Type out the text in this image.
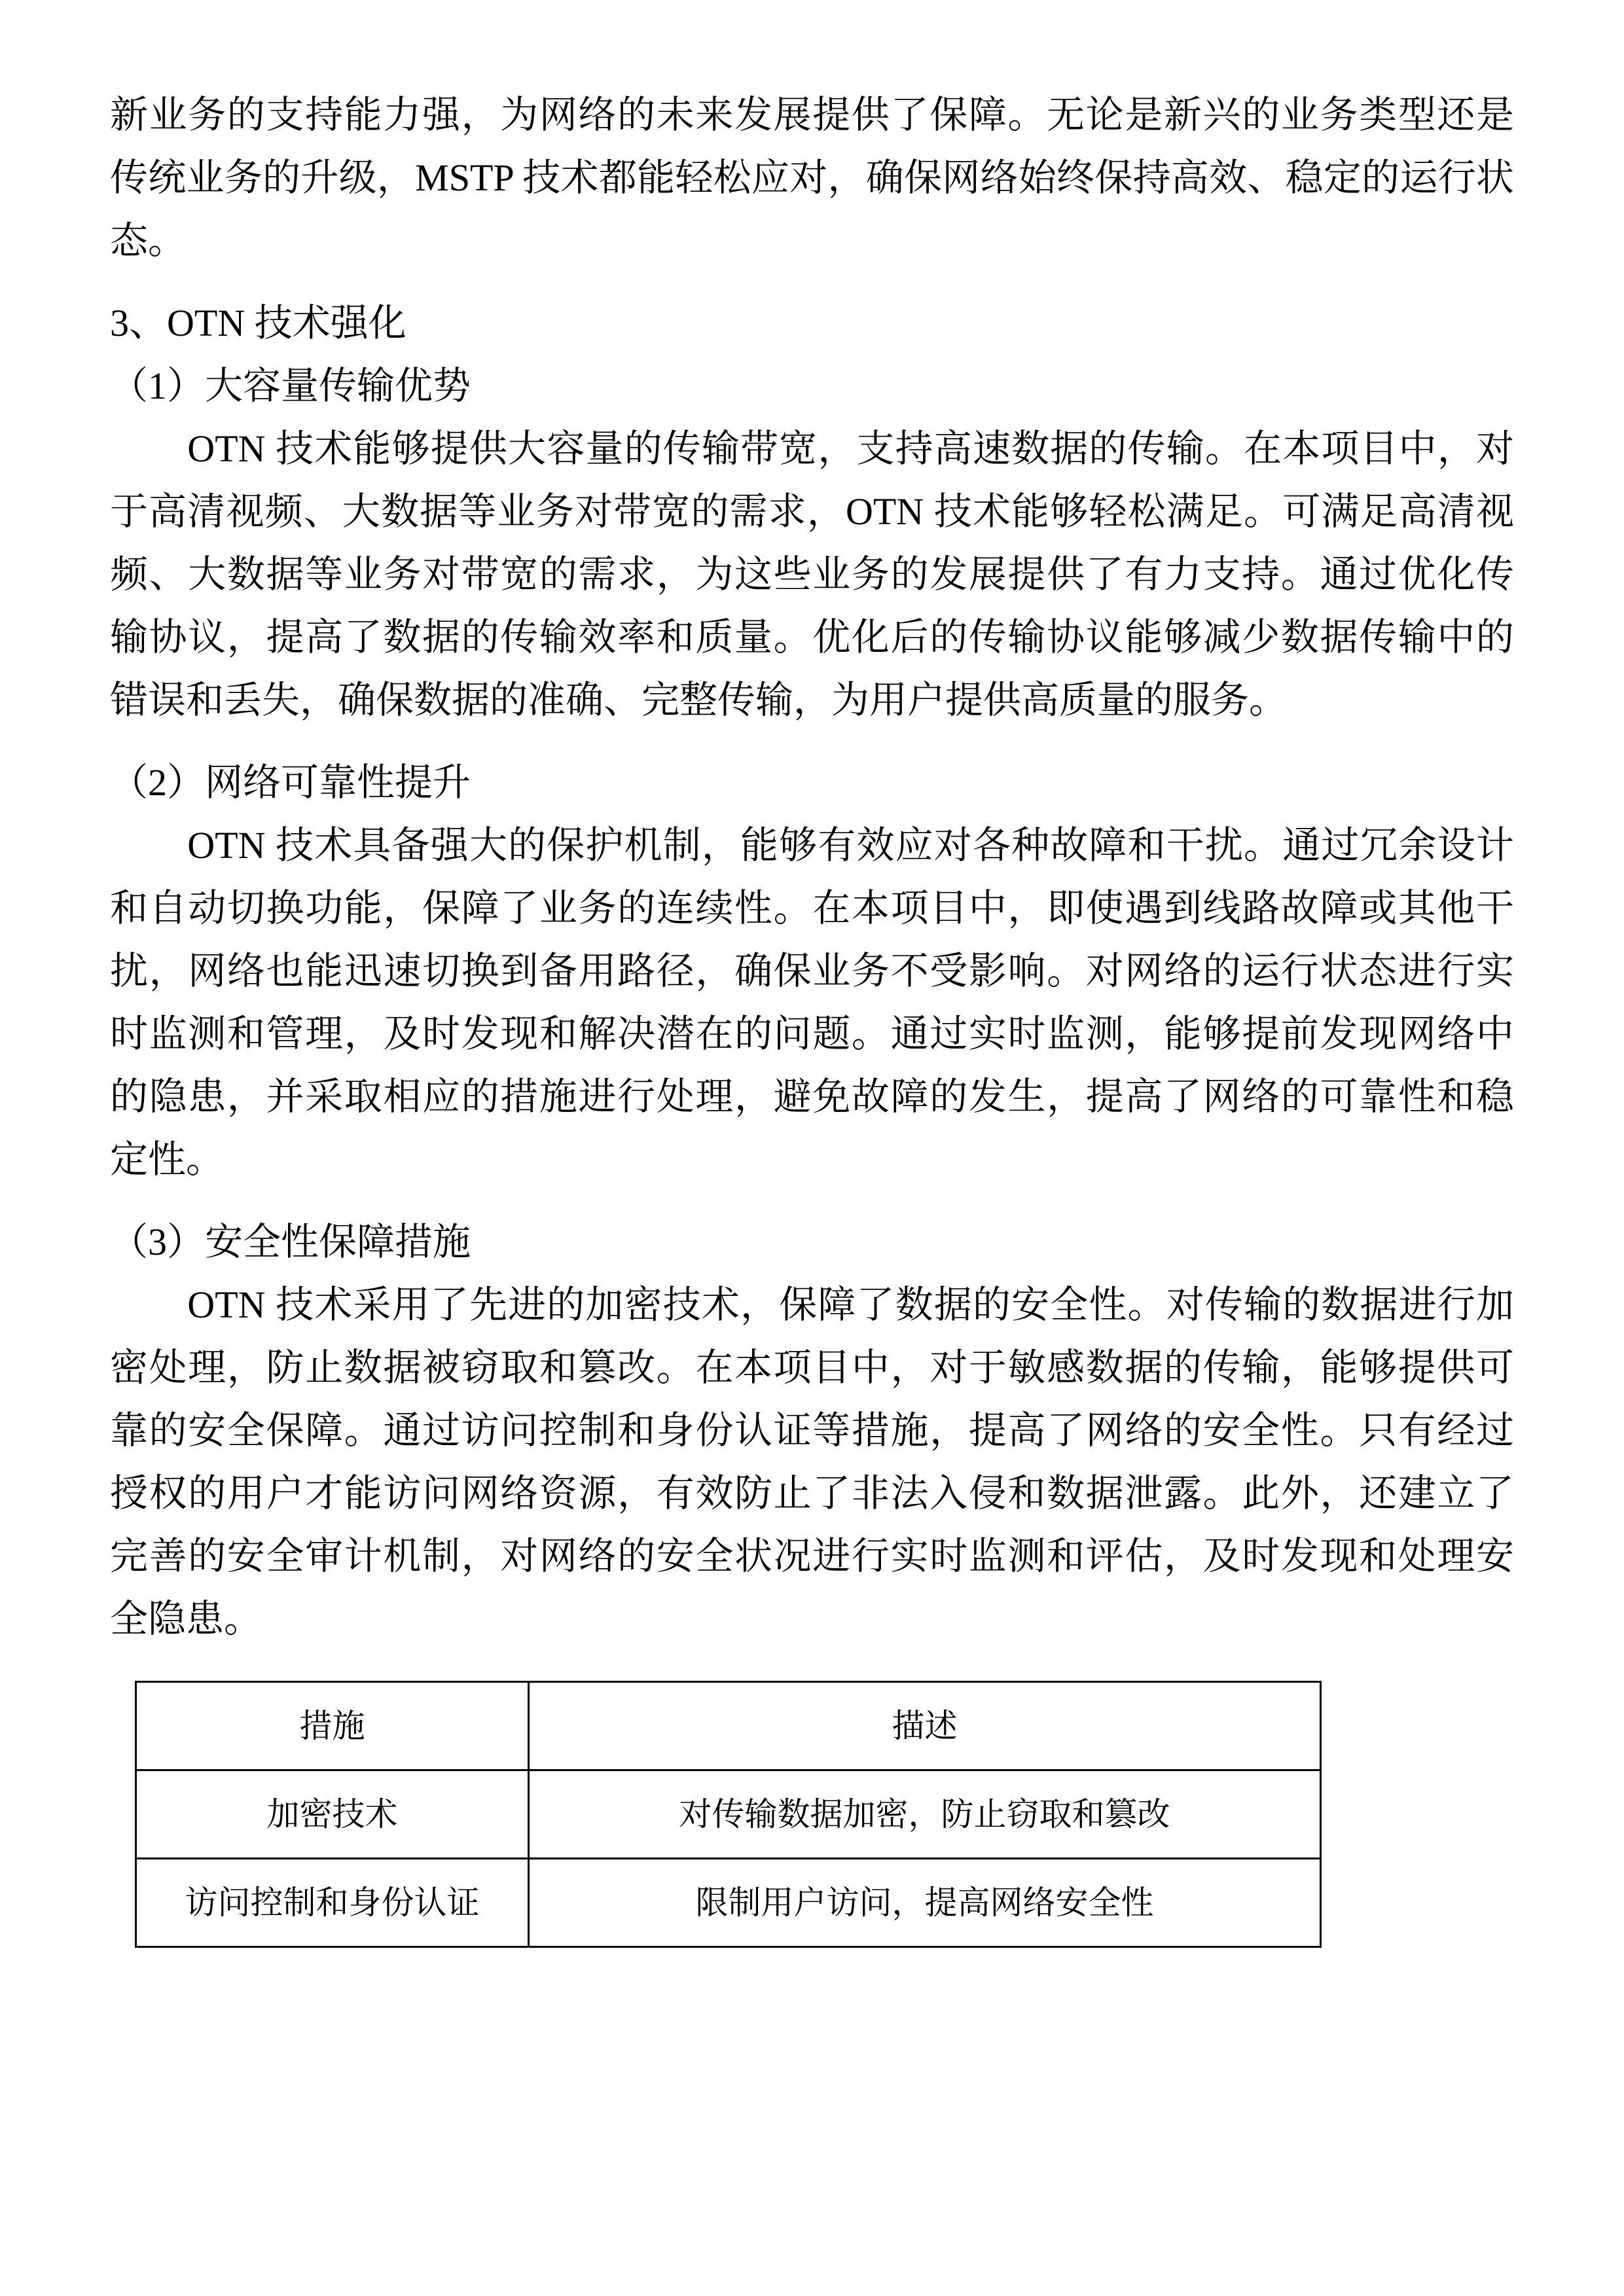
新业务的支持能力强，为网络的未来发展提供了保障。无论是新兴的业务类型还是传统业务的升级，MSTP 技术都能轻松应对，确保网络始终保持高效、稳定的运行状态。

3、OTN 技术强化

（1）大容量传输优势

　　OTN 技术能够提供大容量的传输带宽，支持高速数据的传输。在本项目中，对于高清视频、大数据等业务对带宽的需求，OTN 技术能够轻松满足。可满足高清视频、大数据等业务对带宽的需求，为这些业务的发展提供了有力支持。通过优化传输协议，提高了数据的传输效率和质量。优化后的传输协议能够减少数据传输中的错误和丢失，确保数据的准确、完整传输，为用户提供高质量的服务。

（2）网络可靠性提升

　　OTN 技术具备强大的保护机制，能够有效应对各种故障和干扰。通过冗余设计和自动切换功能，保障了业务的连续性。在本项目中，即使遇到线路故障或其他干扰，网络也能迅速切换到备用路径，确保业务不受影响。对网络的运行状态进行实时监测和管理，及时发现和解决潜在的问题。通过实时监测，能够提前发现网络中的隐患，并采取相应的措施进行处理，避免故障的发生，提高了网络的可靠性和稳定性。

（3）安全性保障措施

　　OTN 技术采用了先进的加密技术，保障了数据的安全性。对传输的数据进行加密处理，防止数据被窃取和篡改。在本项目中，对于敏感数据的传输，能够提供可靠的安全保障。通过访问控制和身份认证等措施，提高了网络的安全性。只有经过授权的用户才能访问网络资源，有效防止了非法入侵和数据泄露。此外，还建立了完善的安全审计机制，对网络的安全状况进行实时监测和评估，及时发现和处理安全隐患。

措施	描述
加密技术	对传输数据加密，防止窃取和篡改
访问控制和身份认证	限制用户访问，提高网络安全性
